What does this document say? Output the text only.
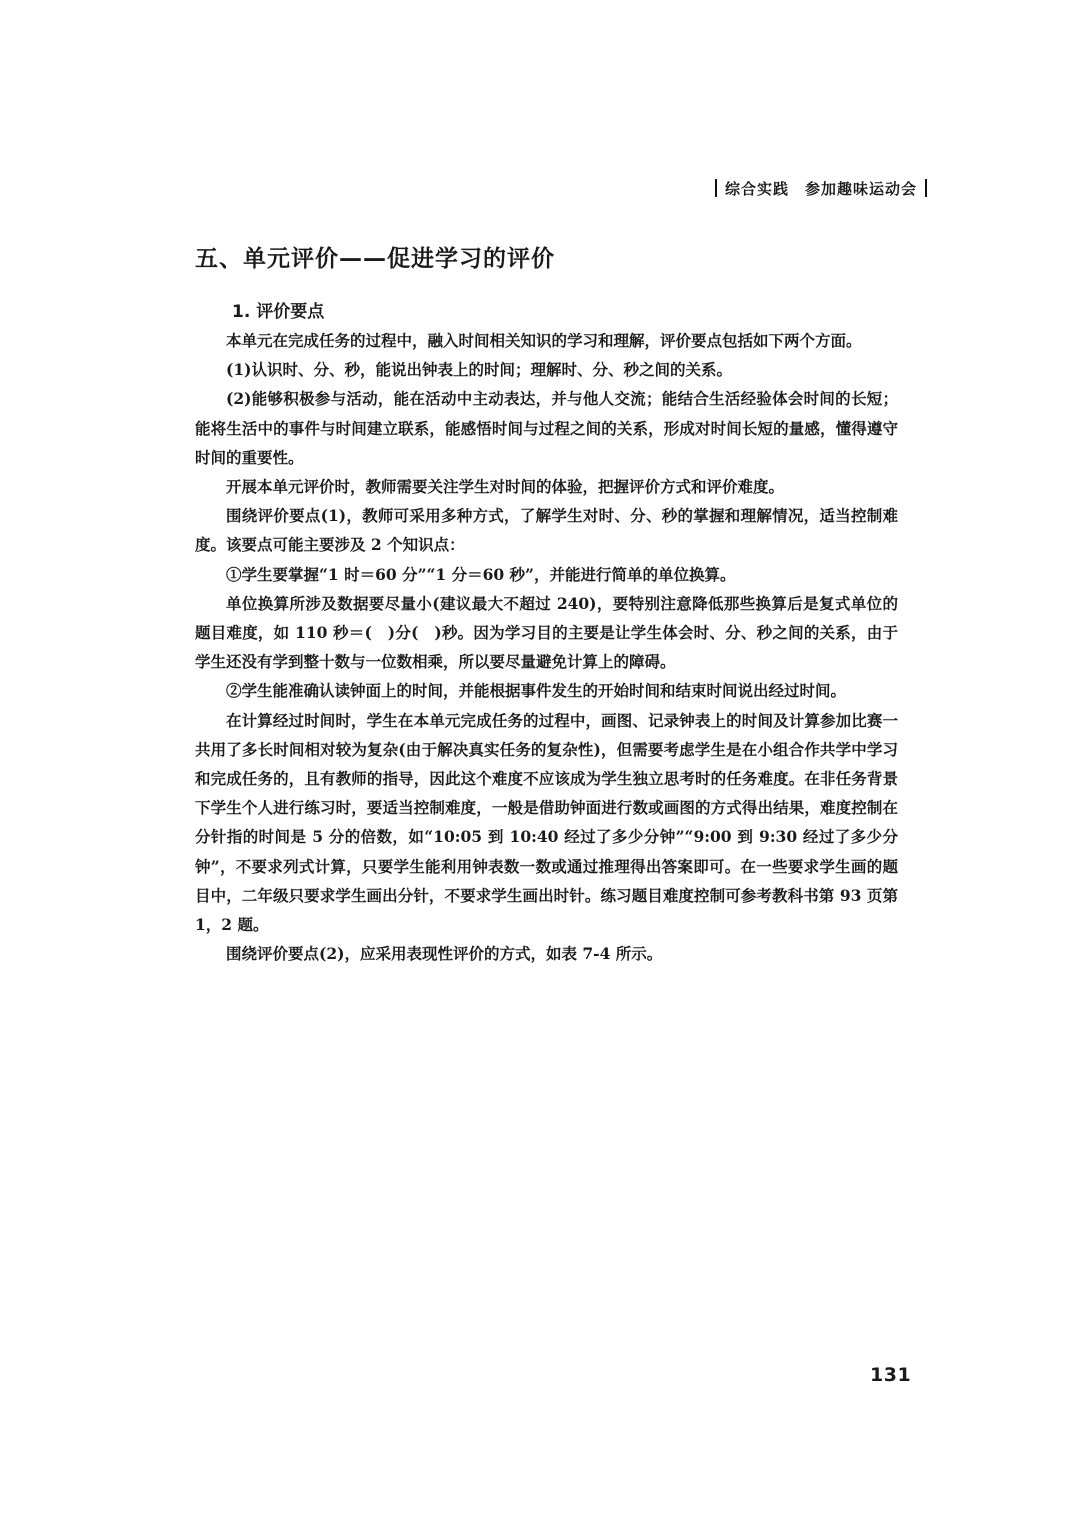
综合实践 参加趣味运动会
五、单元评价——促进学习的评价
1. 评价要点

本单元在完成任务的过程中，融入时间相关知识的学习和理解，评价要点包括如下两个方面。

(1)认识时、分、秒，能说出钟表上的时间；理解时、分、秒之间的关系。

(2)能够积极参与活动，能在活动中主动表达，并与他人交流；能结合生活经验体会时间的长短；能将生活中的事件与时间建立联系，能感悟时间与过程之间的关系，形成对时间长短的量感，懂得遵守时间的重要性。

开展本单元评价时，教师需要关注学生对时间的体验，把握评价方式和评价难度。

围绕评价要点(1)，教师可采用多种方式，了解学生对时、分、秒的掌握和理解情况，适当控制难度。该要点可能主要涉及 2 个知识点：

①学生要掌握“1 时＝60 分”“1 分＝60 秒”，并能进行简单的单位换算。

单位换算所涉及数据要尽量小(建议最大不超过 240)，要特别注意降低那些换算后是复式单位的题目难度，如 110 秒＝(　)分(　)秒。因为学习目的主要是让学生体会时、分、秒之间的关系，由于学生还没有学到整十数与一位数相乘，所以要尽量避免计算上的障碍。

②学生能准确认读钟面上的时间，并能根据事件发生的开始时间和结束时间说出经过时间。

在计算经过时间时，学生在本单元完成任务的过程中，画图、记录钟表上的时间及计算参加比赛一共用了多长时间相对较为复杂(由于解决真实任务的复杂性)，但需要考虑学生是在小组合作共学中学习和完成任务的，且有教师的指导，因此这个难度不应该成为学生独立思考时的任务难度。在非任务背景下学生个人进行练习时，要适当控制难度，一般是借助钟面进行数或画图的方式得出结果，难度控制在分针指的时间是 5 分的倍数，如“10:05 到 10:40 经过了多少分钟”“9:00 到 9:30 经过了多少分钟”，不要求列式计算，只要学生能利用钟表数一数或通过推理得出答案即可。在一些要求学生画的题目中，二年级只要求学生画出分针，不要求学生画出时针。练习题目难度控制可参考教科书第 93 页第 1，2 题。

围绕评价要点(2)，应采用表现性评价的方式，如表 7-4 所示。

131
